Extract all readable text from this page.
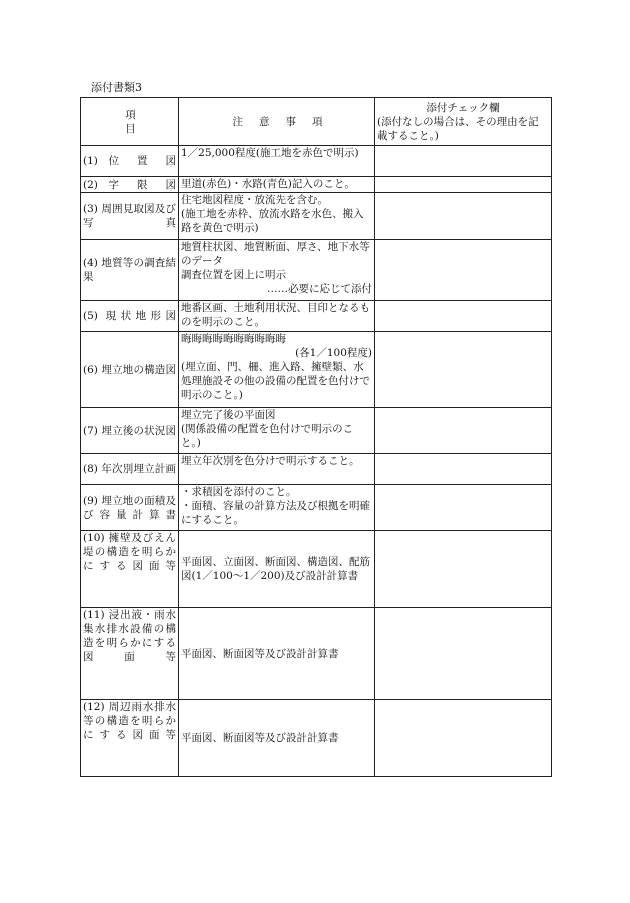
添付書類3
項目	注意事項	添付チェック欄
(添付なしの場合は、その理由を記載すること。)
(1) 位 置 図	1／25,000程度(施工地を赤色で明示)	
(2) 字 限 図	里道(赤色)・水路(青色)記入のこと。	
(3) 周囲見取図及び写真	住宅地図程度・放流先を含む。
(施工地を赤枠、放流水路を水色、搬入路を黄色で明示)	
(4) 地質等の調査結果	地質柱状図、地質断面、厚さ、地下水等のデータ
調査位置を図上に明示
……必要に応じて添付	

(5) 現状地形図	地番区画、土地利用状況、目印となるものを明示のこと。	
(6) 埋立地の構造図	晦晦晦晦晦晦晦晦晦晦
(各1／100程度)
(埋立面、門、柵、進入路、擁壁類、水処理施設その他の設備の配置を色付けで明示のこと。)	
(7) 埋立後の状況図	埋立完了後の平面図
(関係設備の配置を色付けで明示のこと。)	
(8) 年次別埋立計画	埋立年次別を色分けで明示すること。	
(9) 埋立地の面積及び容量計算書	・求積図を添付のこと。
・面積、容量の計算方法及び根拠を明確にすること。	
(10) 擁壁及びえん堤の構造を明らかにする図面等	平面図、立面図、断面図、構造図、配筋図(1／100～1／200)及び設計計算書	
(11) 浸出液・雨水集水排水設備の構造を明らかにする図面等	平面図、断面図等及び設計計算書	
(12) 周辺雨水排水等の構造を明らかにする図面等	平面図、断面図等及び設計計算書	
